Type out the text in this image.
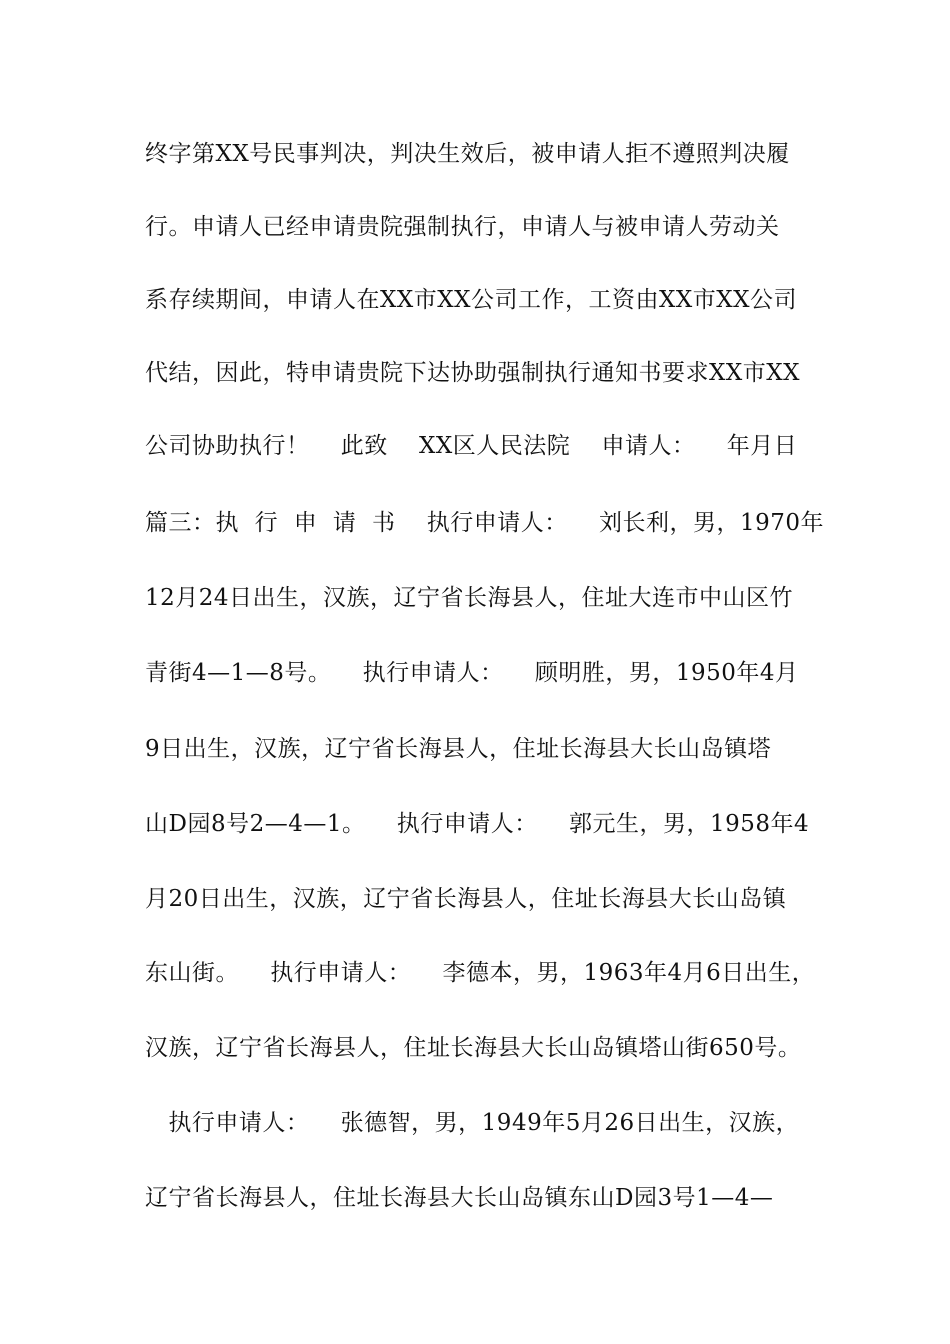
终字第XX号民事判决，判决生效后，被申请人拒不遵照判决履
行。申请人已经申请贵院强制执行，申请人与被申请人劳动关
系存续期间，申请人在XX市XX公司工作，工资由XX市XX公司
代结，因此，特申请贵院下达协助强制执行通知书要求XX市XX
公司协助执行！    此致    XX区人民法院    申请人：    年月日
篇三：执  行  申  请  书    执行申请人：    刘长利，男，1970年
12月24日出生，汉族，辽宁省长海县人，住址大连市中山区竹
青街4—1—8号。    执行申请人：    顾明胜，男，1950年4月
9日出生，汉族，辽宁省长海县人，住址长海县大长山岛镇塔
山D园8号2—4—1。    执行申请人：    郭元生，男，1958年4
月20日出生，汉族，辽宁省长海县人，住址长海县大长山岛镇
东山街。    执行申请人：    李德本，男，1963年4月6日出生，
汉族，辽宁省长海县人，住址长海县大长山岛镇塔山街650号。
执行申请人：    张德智，男，1949年5月26日出生，汉族，
辽宁省长海县人，住址长海县大长山岛镇东山D园3号1—4—
